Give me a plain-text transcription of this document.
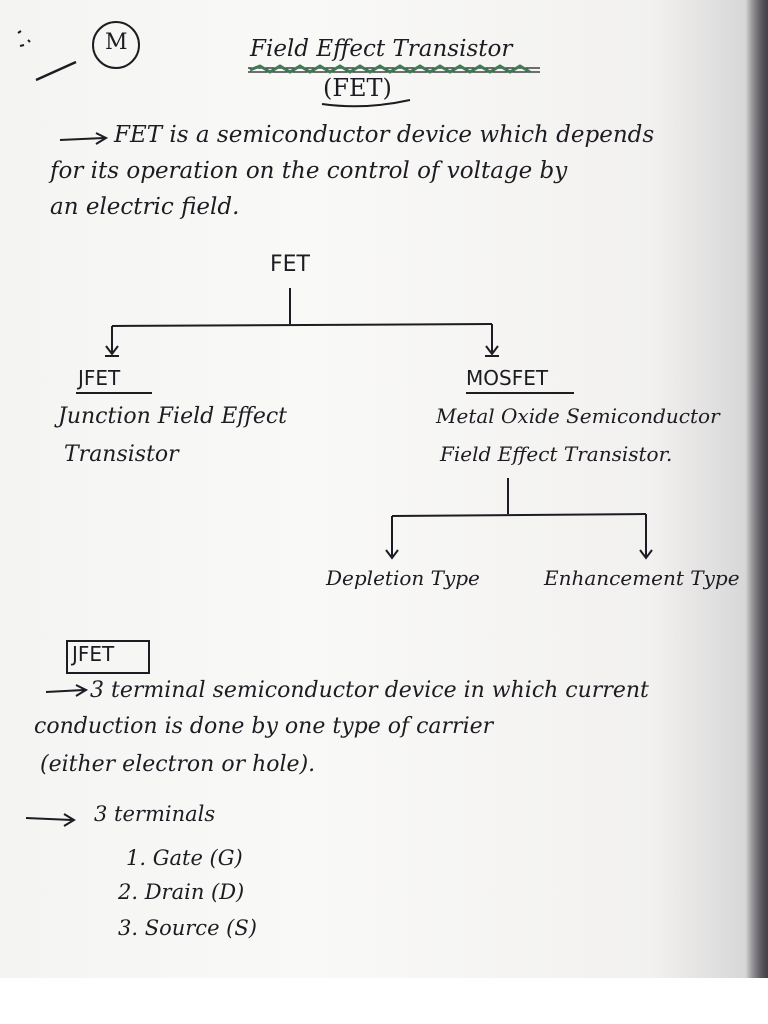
M	Field Effect Transistor
(FET)
FET is a semiconductor device which depends
for its operation on the control of voltage by
an electric field.
FET
JFET
Junction Field Effect
Transistor
MOSFET
Metal Oxide Semiconductor
Field Effect Transistor.
Depletion Type	Enhancement Type
JFET
3 terminal semiconductor device in which current
conduction is done by one type of carrier
(either electron or hole).
3 terminals
1. Gate (G)
2. Drain (D)
3. Source (S)
